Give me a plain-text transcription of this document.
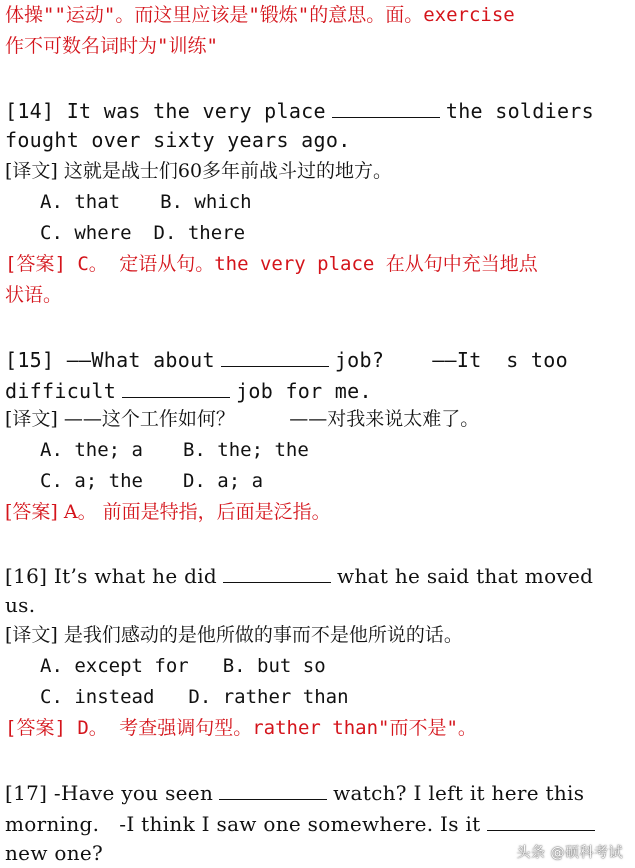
体操""运动"。而这里应该是"锻炼"的意思。面。exercise
作不可数名词时为"训练"
[14] It was the very place	the soldiers
fought over sixty years ago.
[译文] 这就是战士们60多年前战斗过的地方。
A. that B. which
C. where D. there
[答案] C。 定语从句。the very place 在从句中充当地点
状语。
[15] ——What about	job? ——It  s too
difficult	job for me.
[译文] ——这个工作如何？         ——对我来说太难了。
A. the; a B. the; the
C. a; the D. a; a
[答案] A。 前面是特指，后面是泛指。
[16] It’s what he did	what he said that moved
us.
[译文] 是我们感动的是他所做的事而不是他所说的话。
A. except for B. but so
C. instead D. rather than
[答案] D。 考查强调句型。rather than"而不是"。
[17] -Have you seen	watch? I left it here this
morning.   -I think I saw one somewhere. Is it
new one?	头条 @硕科考试
